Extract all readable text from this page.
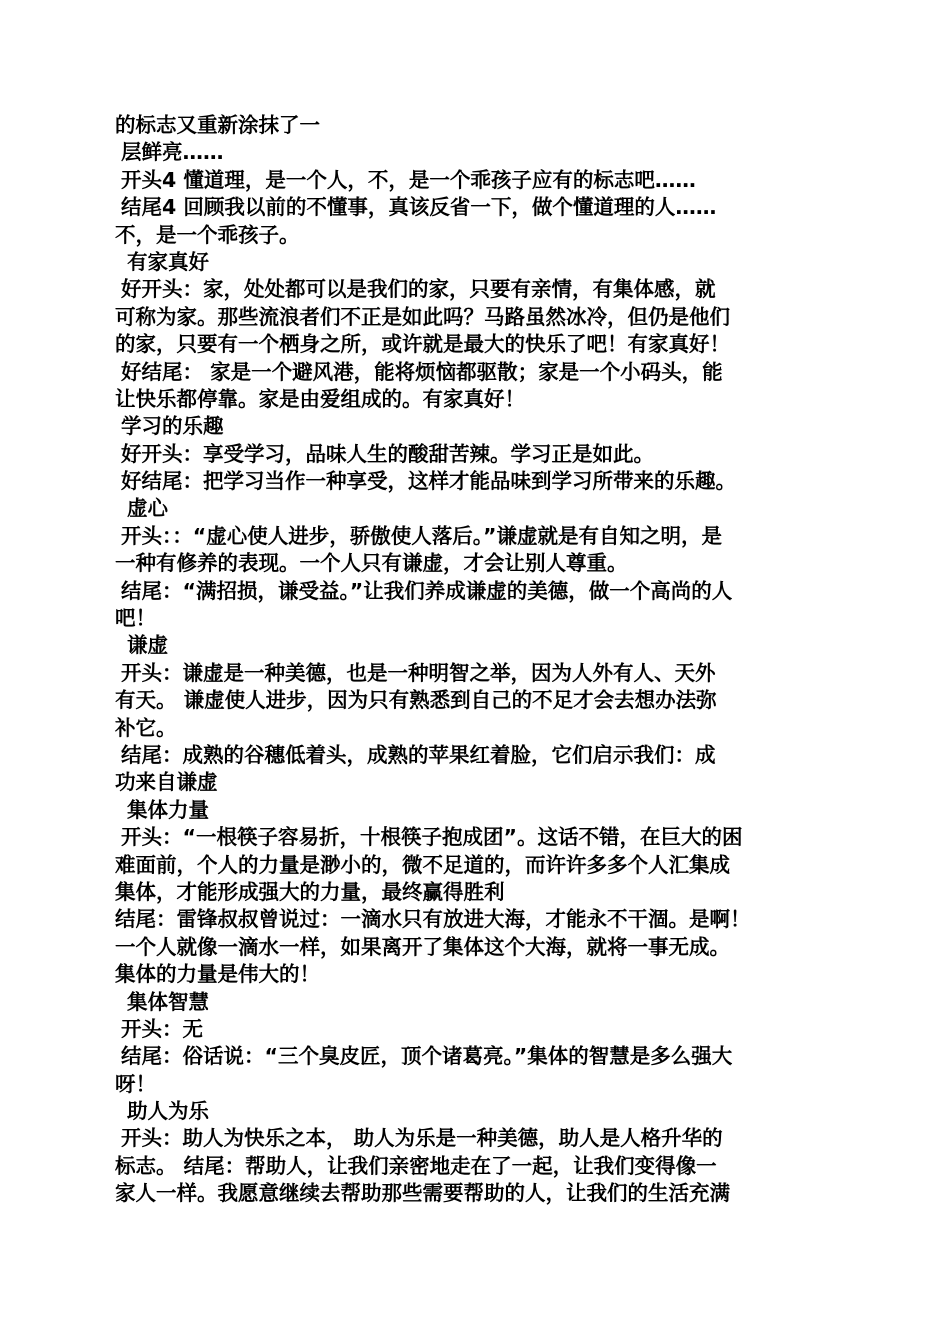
的标志又重新涂抹了一
层鲜亮……
开头4 懂道理，是一个人，不，是一个乖孩子应有的标志吧……
结尾4 回顾我以前的不懂事，真该反省一下，做个懂道理的人……
不，是一个乖孩子。
有家真好
好开头：家，处处都可以是我们的家，只要有亲情，有集体感，就
可称为家。那些流浪者们不正是如此吗？马路虽然冰冷，但仍是他们
的家，只要有一个栖身之所，或许就是最大的快乐了吧！有家真好！
好结尾： 家是一个避风港，能将烦恼都驱散；家是一个小码头，能
让快乐都停靠。家是由爱组成的。有家真好！
学习的乐趣
好开头：享受学习，品味人生的酸甜苦辣。学习正是如此。
好结尾：把学习当作一种享受，这样才能品味到学习所带来的乐趣。
虚心
开头：：“虚心使人进步，骄傲使人落后。”谦虚就是有自知之明，是
一种有修养的表现。一个人只有谦虚，才会让别人尊重。
结尾：“满招损，谦受益。”让我们养成谦虚的美德，做一个高尚的人
吧！
谦虚
开头：谦虚是一种美德，也是一种明智之举，因为人外有人、天外
有天。 谦虚使人进步，因为只有熟悉到自己的不足才会去想办法弥
补它。
结尾：成熟的谷穗低着头，成熟的苹果红着脸，它们启示我们：成
功来自谦虚
集体力量
开头：“一根筷子容易折，十根筷子抱成团”。这话不错，在巨大的困
难面前，个人的力量是渺小的，微不足道的，而许许多多个人汇集成
集体，才能形成强大的力量，最终赢得胜利
结尾：雷锋叔叔曾说过：一滴水只有放进大海，才能永不干涸。是啊！
一个人就像一滴水一样，如果离开了集体这个大海，就将一事无成。
集体的力量是伟大的！
集体智慧
开头：无
结尾：俗话说：“三个臭皮匠，顶个诸葛亮。”集体的智慧是多么强大
呀！
助人为乐
开头：助人为快乐之本， 助人为乐是一种美德，助人是人格升华的
标志。 结尾：帮助人，让我们亲密地走在了一起，让我们变得像一
家人一样。我愿意继续去帮助那些需要帮助的人，让我们的生活充满
